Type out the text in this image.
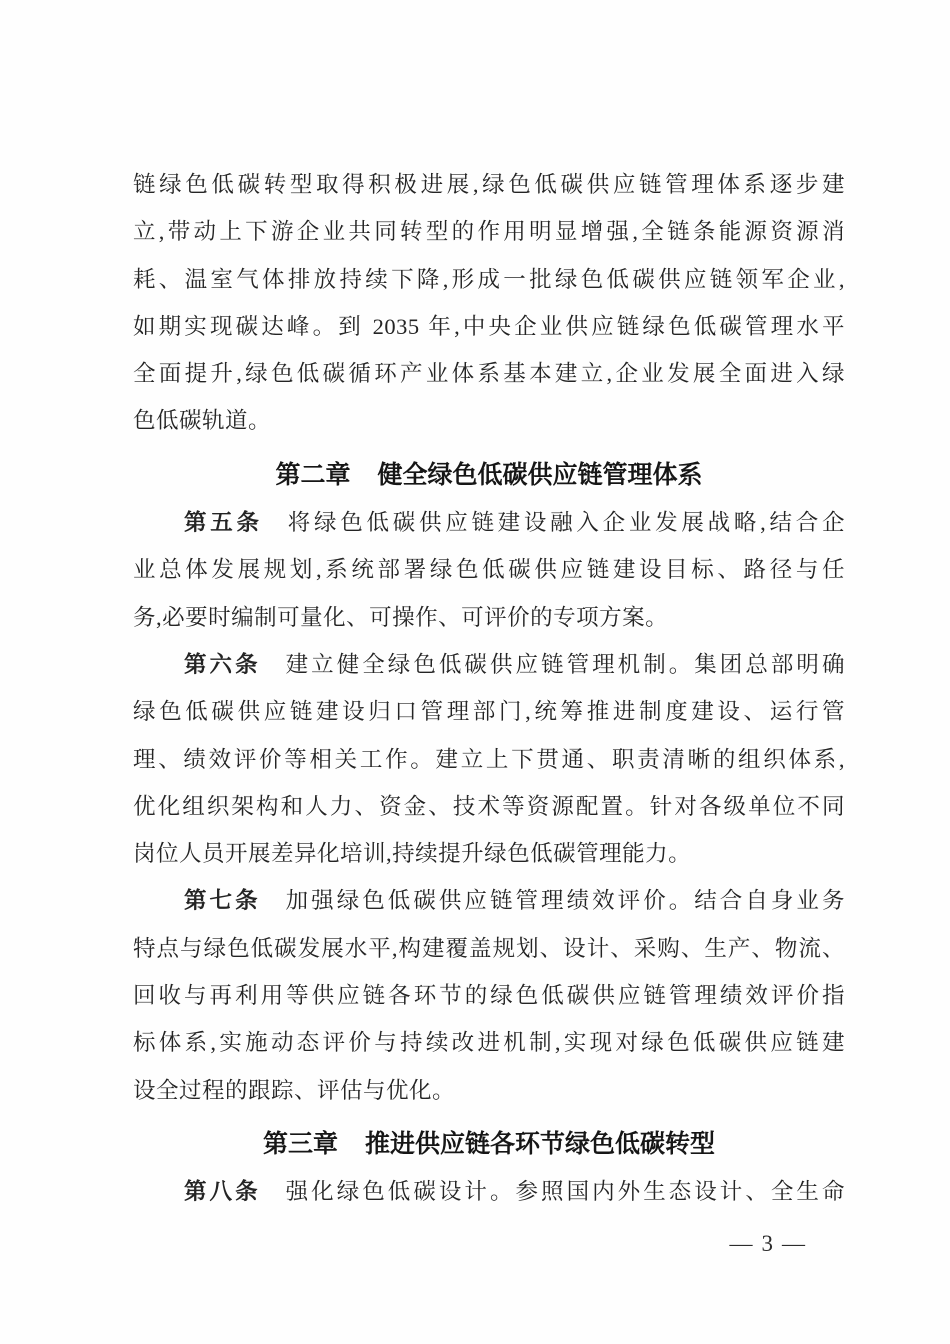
链绿色低碳转型取得积极进展,绿色低碳供应链管理体系逐步建
立,带动上下游企业共同转型的作用明显增强,全链条能源资源消
耗、温室气体排放持续下降,形成一批绿色低碳供应链领军企业,
如期实现碳达峰。到 2035 年,中央企业供应链绿色低碳管理水平
全面提升,绿色低碳循环产业体系基本建立,企业发展全面进入绿
色低碳轨道。
第二章 健全绿色低碳供应链管理体系
第五条 将绿色低碳供应链建设融入企业发展战略,结合企
业总体发展规划,系统部署绿色低碳供应链建设目标、路径与任
务,必要时编制可量化、可操作、可评价的专项方案。
第六条 建立健全绿色低碳供应链管理机制。集团总部明确
绿色低碳供应链建设归口管理部门,统筹推进制度建设、运行管
理、绩效评价等相关工作。建立上下贯通、职责清晰的组织体系,
优化组织架构和人力、资金、技术等资源配置。针对各级单位不同
岗位人员开展差异化培训,持续提升绿色低碳管理能力。
第七条 加强绿色低碳供应链管理绩效评价。结合自身业务
特点与绿色低碳发展水平,构建覆盖规划、设计、采购、生产、物流、
回收与再利用等供应链各环节的绿色低碳供应链管理绩效评价指
标体系,实施动态评价与持续改进机制,实现对绿色低碳供应链建
设全过程的跟踪、评估与优化。
第三章 推进供应链各环节绿色低碳转型
第八条 强化绿色低碳设计。参照国内外生态设计、全生命
— 3 —
